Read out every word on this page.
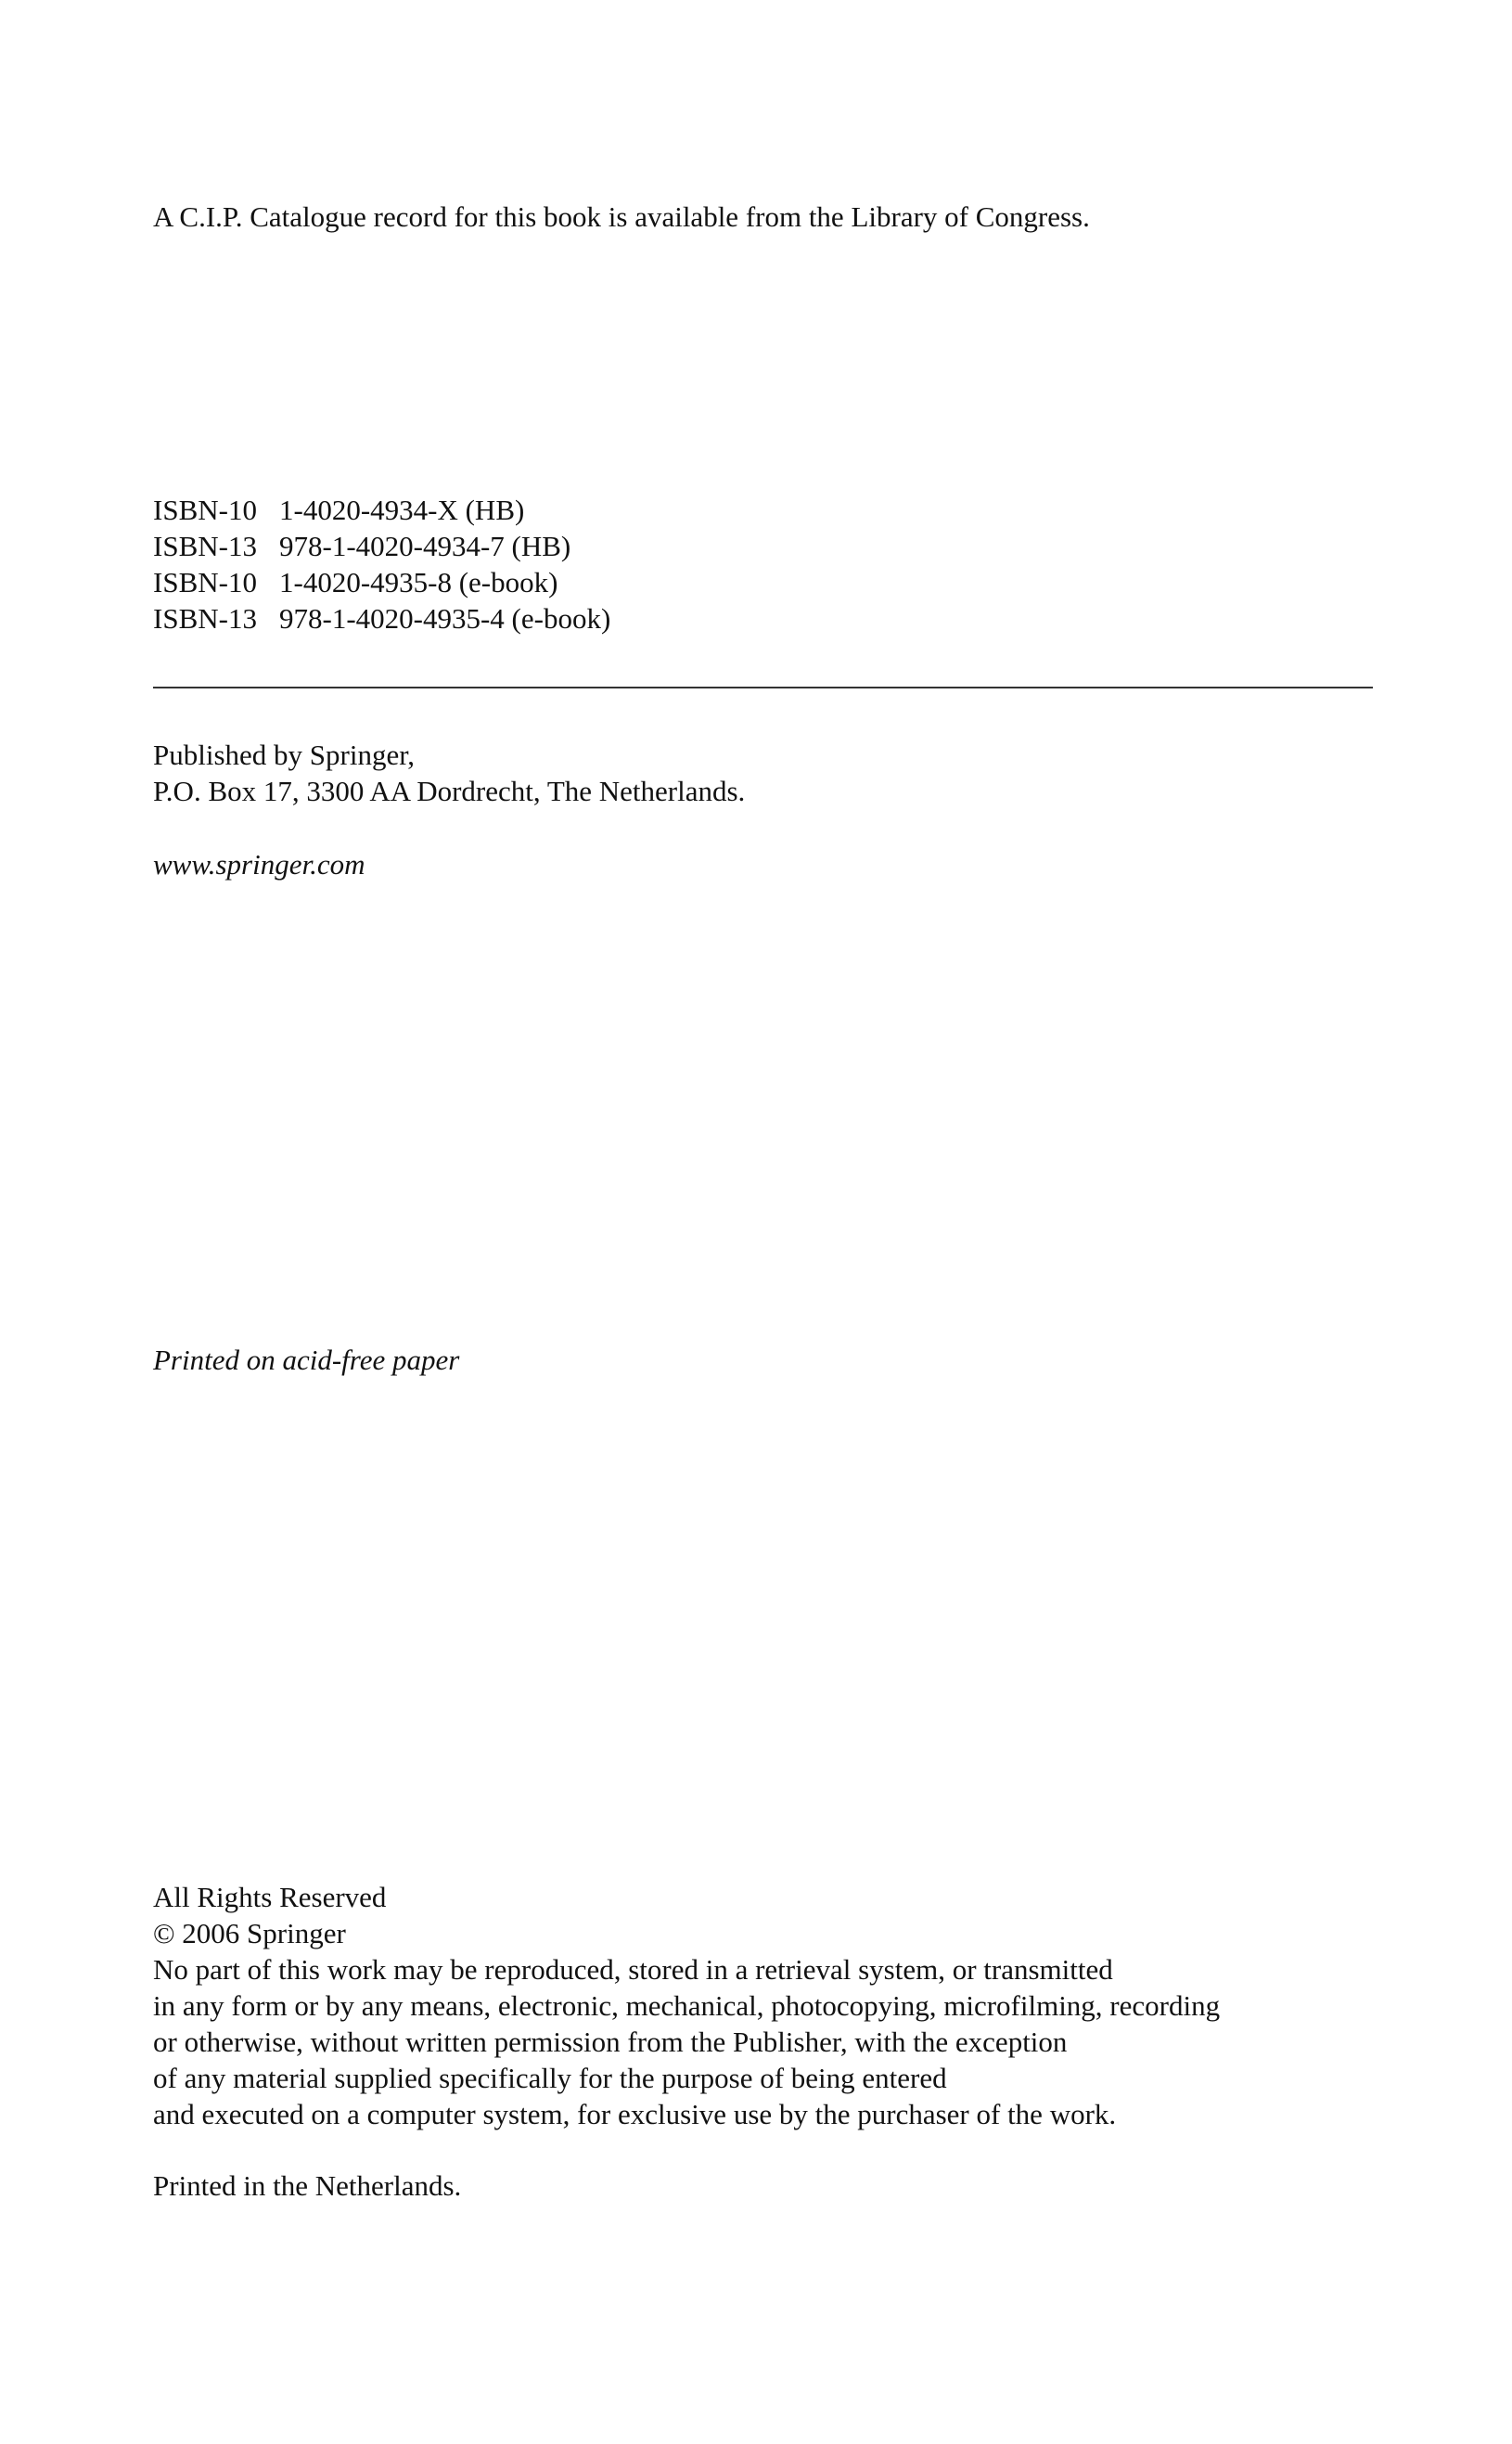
A C.I.P. Catalogue record for this book is available from the Library of Congress.

ISBN-10 1-4020-4934-X (HB)

ISBN-13 978-1-4020-4934-7 (HB)

ISBN-10 1-4020-4935-8 (e-book)

ISBN-13 978-1-4020-4935-4 (e-book)

Published by Springer,

P.O. Box 17, 3300 AA Dordrecht, The Netherlands.

www.springer.com

Printed on acid-free paper

All Rights Reserved

© 2006 Springer

No part of this work may be reproduced, stored in a retrieval system, or transmitted

in any form or by any means, electronic, mechanical, photocopying, microfilming, recording

or otherwise, without written permission from the Publisher, with the exception

of any material supplied specifically for the purpose of being entered

and executed on a computer system, for exclusive use by the purchaser of the work.

Printed in the Netherlands.
